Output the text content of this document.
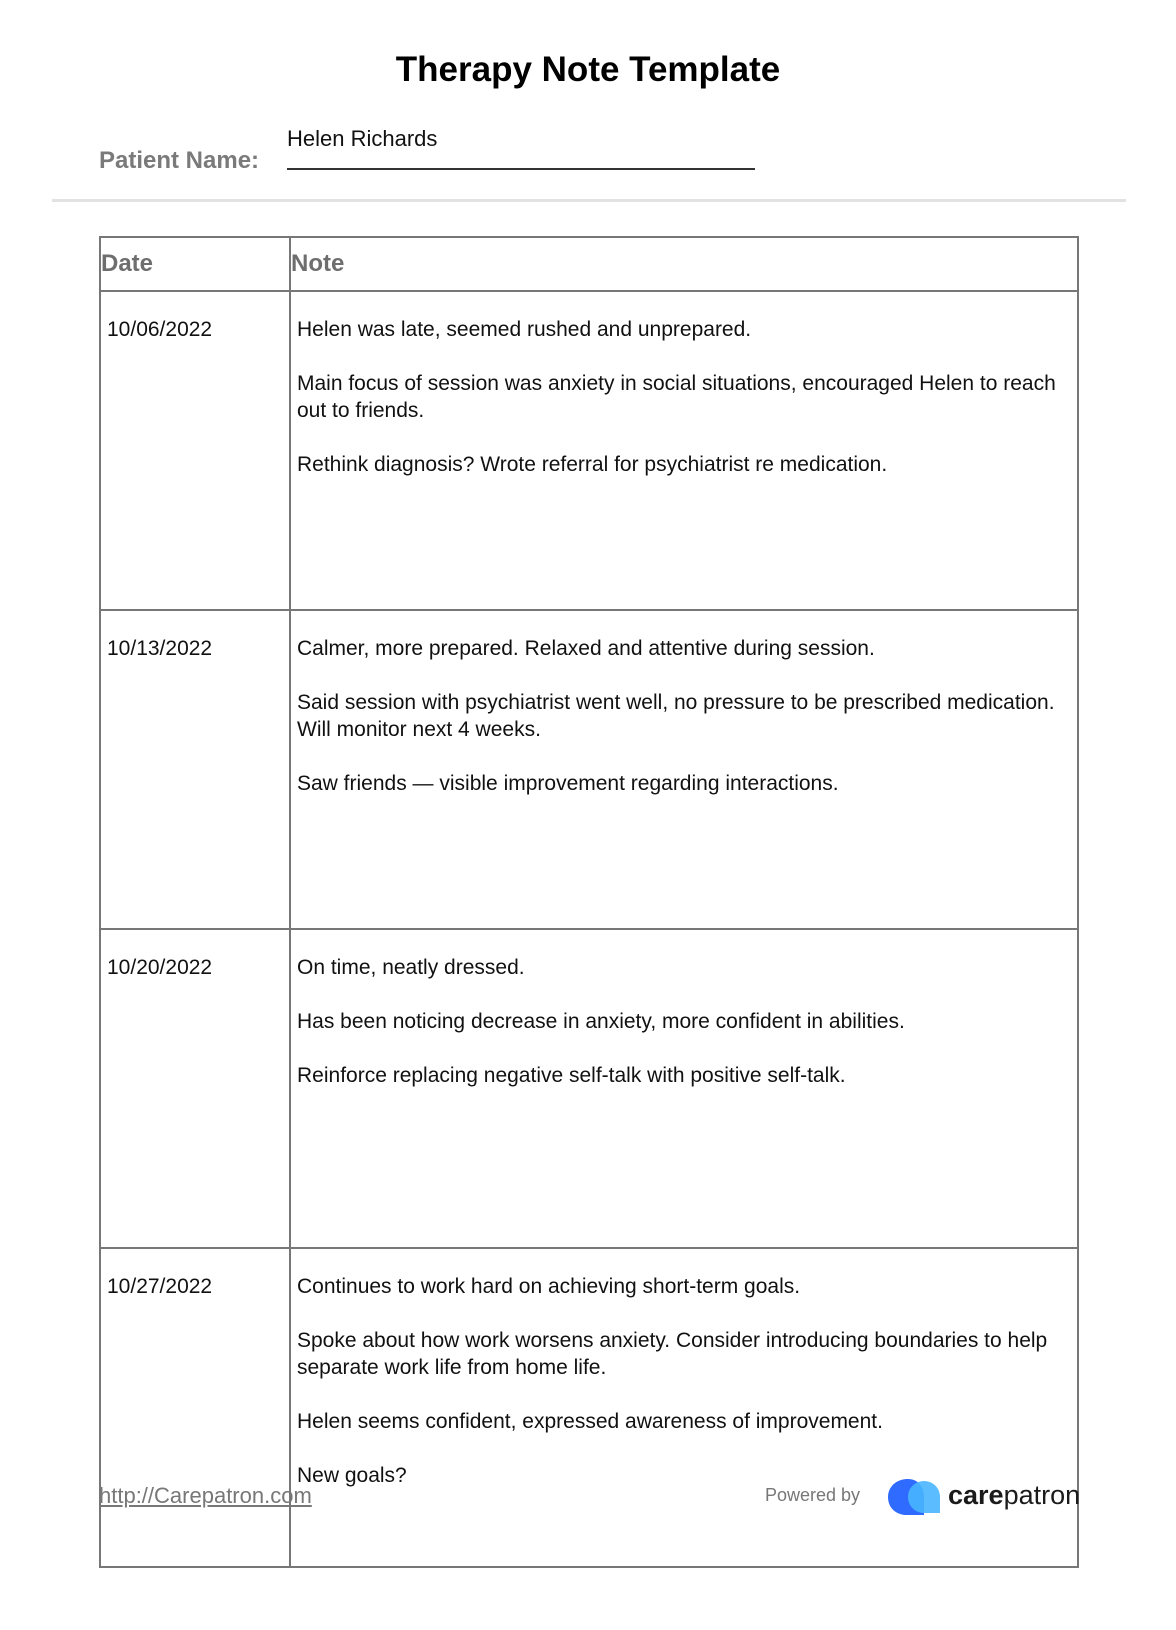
Therapy Note Template
Patient Name:
Helen Richards
Date	Note
10/06/2022	Helen was late, seemed rushed and unprepared.

Main focus of session was anxiety in social situations, encouraged Helen to reach out to friends.

Rethink diagnosis? Wrote referral for psychiatrist re medication.

10/13/2022	Calmer, more prepared. Relaxed and attentive during session.

Said session with psychiatrist went well, no pressure to be prescribed medication. Will monitor next 4 weeks.

Saw friends — visible improvement regarding interactions.

10/20/2022	On time, neatly dressed.

Has been noticing decrease in anxiety, more confident in abilities.

Reinforce replacing negative self-talk with positive self-talk.

10/27/2022	Continues to work hard on achieving short-term goals.

Spoke about how work worsens anxiety. Consider introducing boundaries to help separate work life from home life.

Helen seems confident, expressed awareness of improvement.

New goals?

http://Carepatron.com	Powered by	carepatron
